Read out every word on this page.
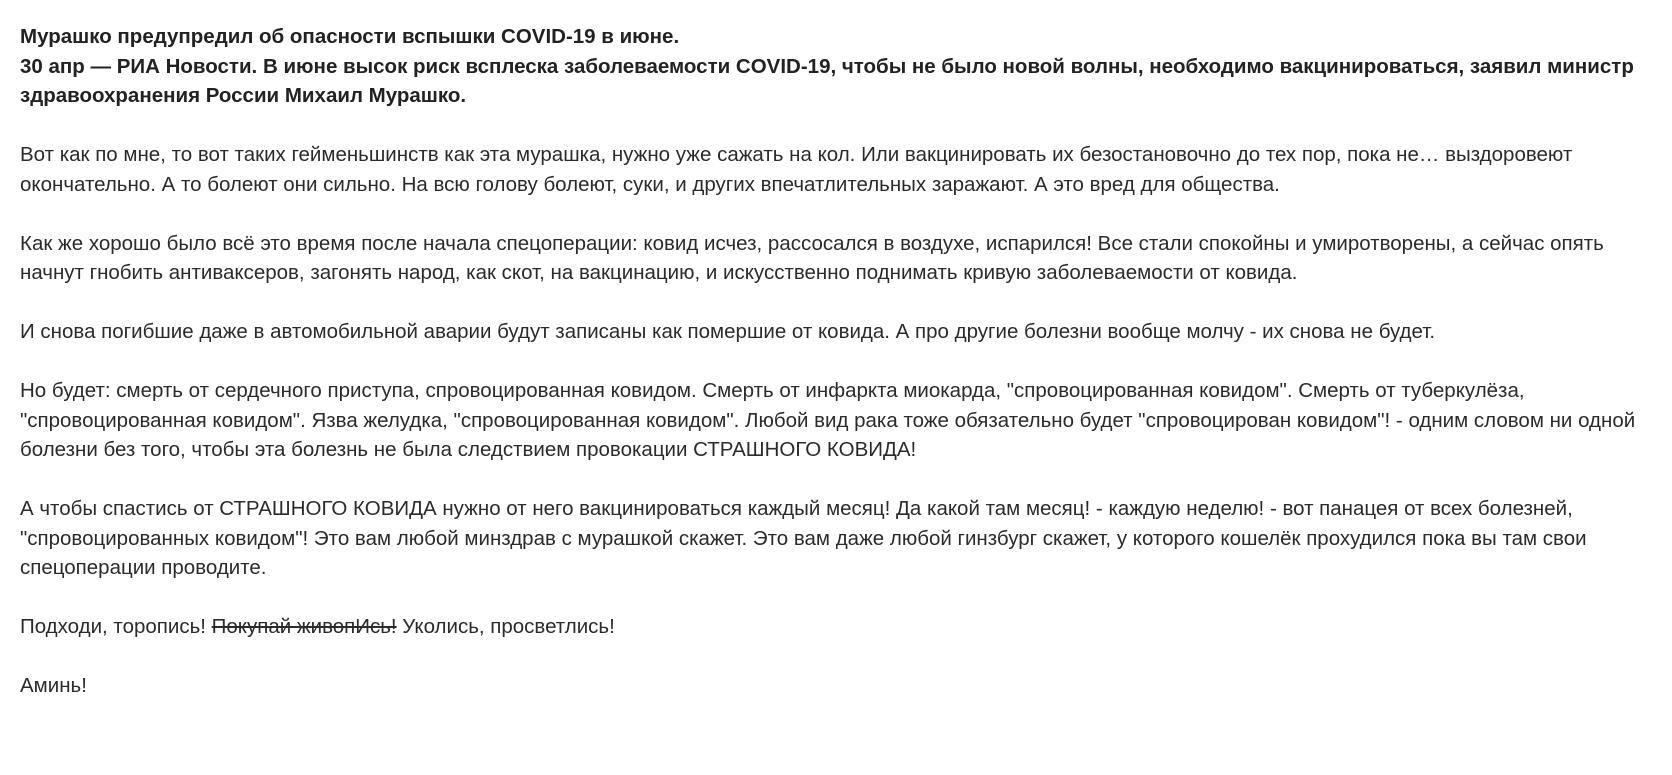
Мурашко предупредил об опасности вспышки COVID-19 в июне.
30 апр — РИА Новости. В июне высок риск всплеска заболеваемости COVID-19, чтобы не было новой волны, необходимо вакцинироваться, заявил министр здравоохранения России Михаил Мурашко.

Вот как по мне, то вот таких гейменьшинств как эта мурашка, нужно уже сажать на кол. Или вакцинировать их безостановочно до тех пор, пока не… выздоровеют окончательно. А то болеют они сильно. На всю голову болеют, суки, и других впечатлительных заражают. А это вред для общества.

Как же хорошо было всё это время после начала спецоперации: ковид исчез, рассосался в воздухе, испарился! Все стали спокойны и умиротворены, а сейчас опять начнут гнобить антиваксеров, загонять народ, как скот, на вакцинацию, и искусственно поднимать кривую заболеваемости от ковида.

И снова погибшие даже в автомобильной аварии будут записаны как помершие от ковида. А про другие болезни вообще молчу - их снова не будет.

Но будет: смерть от сердечного приступа, спровоцированная ковидом. Смерть от инфаркта миокарда, "спровоцированная ковидом". Смерть от туберкулёза, "спровоцированная ковидом". Язва желудка, "спровоцированная ковидом". Любой вид рака тоже обязательно будет "спровоцирован ковидом"! - одним словом ни одной болезни без того, чтобы эта болезнь не была следствием провокации СТРАШНОГО КОВИДА!

А чтобы спастись от СТРАШНОГО КОВИДА нужно от него вакцинироваться каждый месяц! Да какой там месяц! - каждую неделю! - вот панацея от всех болезней, "спровоцированных ковидом"! Это вам любой минздрав с мурашкой скажет. Это вам даже любой гинзбург скажет, у которого кошелёк прохудился пока вы там свои спецоперации проводите.

Подходи, торопись! Покупай живопИсь! Уколись, просветлись!

Аминь!
